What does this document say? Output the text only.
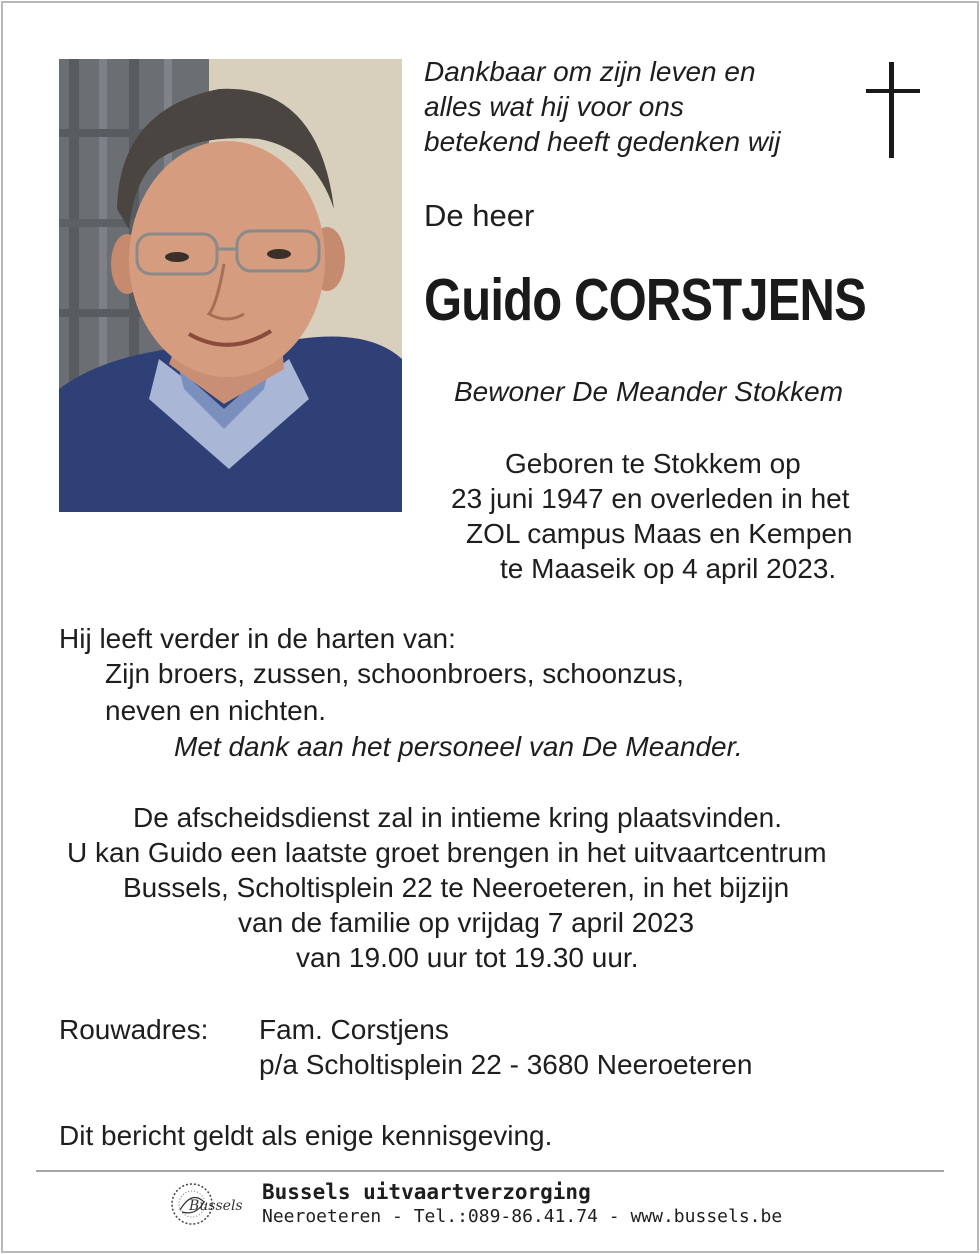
Dankbaar om zijn leven en
alles wat hij voor ons
betekend heeft gedenken wij
De heer
Guido CORSTJENS
Bewoner De Meander Stokkem
Geboren te Stokkem op
23 juni 1947 en overleden in het
ZOL campus Maas en Kempen
te Maaseik op 4 april 2023.
Hij leeft verder in de harten van:
Zijn broers, zussen, schoonbroers, schoonzus,
neven en nichten.
Met dank aan het personeel van De Meander.
De afscheidsdienst zal in intieme kring plaatsvinden.
U kan Guido een laatste groet brengen in het uitvaartcentrum
Bussels, Scholtisplein 22 te Neeroeteren, in het bijzijn
van de familie op vrijdag 7 april 2023
van 19.00 uur tot 19.30 uur.
Rouwadres: Fam. Corstjens
p/a Scholtisplein 22 - 3680 Neeroeteren
Dit bericht geldt als enige kennisgeving.
Bussels
Bussels uitvaartverzorging
Neeroeteren - Tel.:089-86.41.74 - www.bussels.be
